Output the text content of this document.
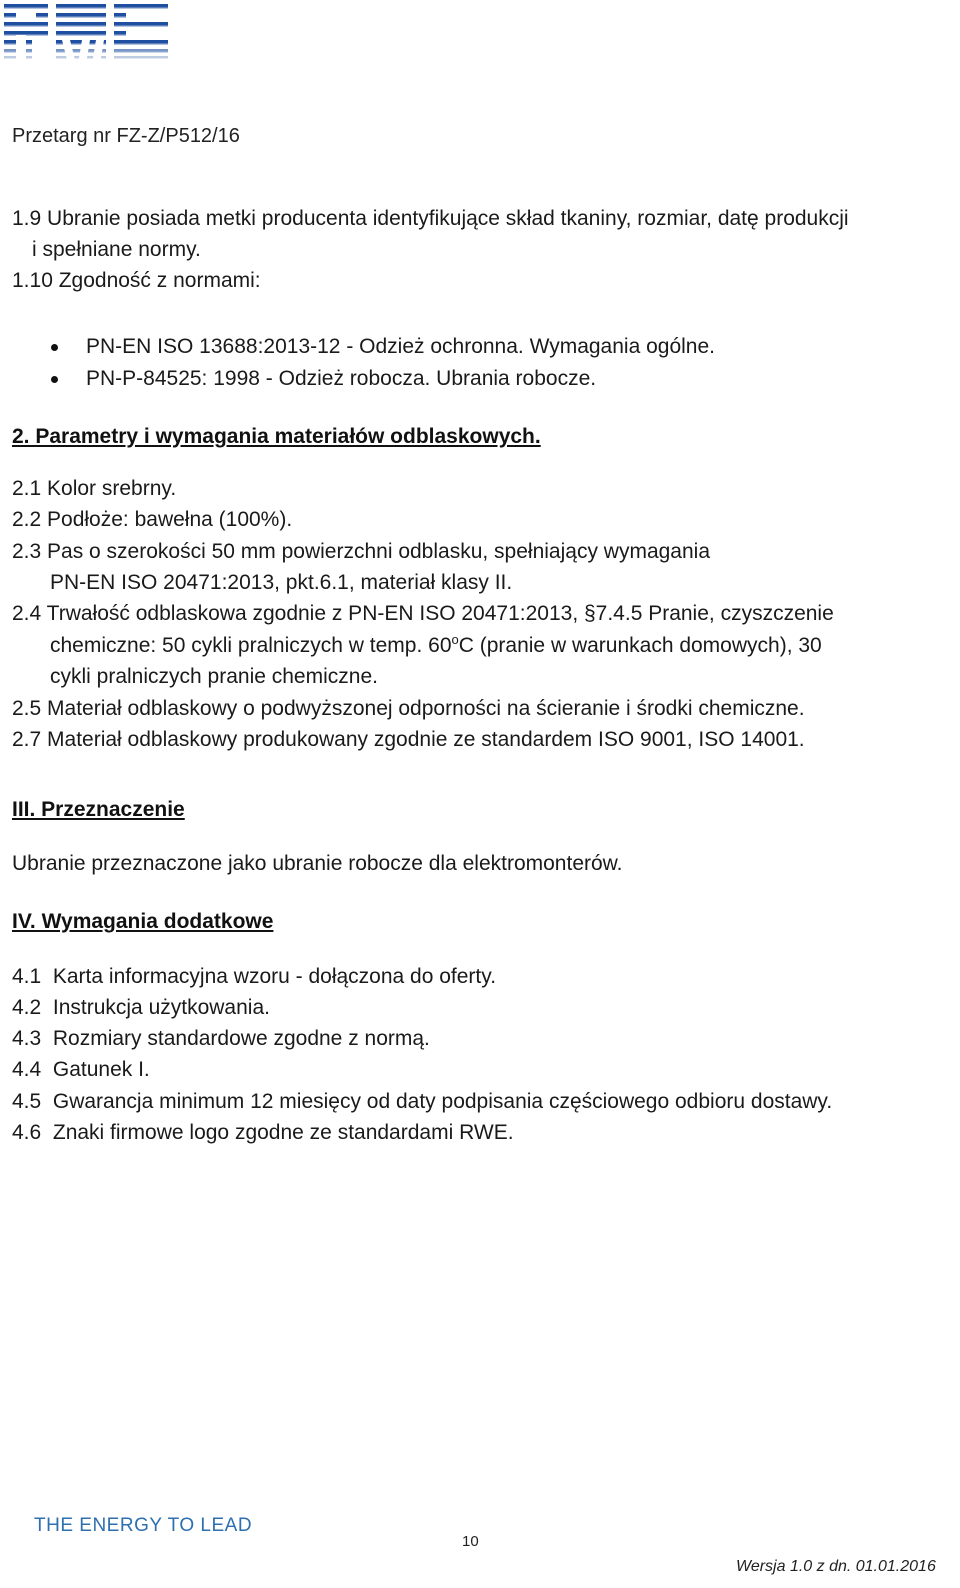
Przetarg nr FZ-Z/P512/16
1.9 Ubranie posiada metki producenta identyfikujące skład tkaniny, rozmiar, datę produkcji
i spełniane normy.
1.10 Zgodność z normami:
PN-EN ISO 13688:2013-12 - Odzież ochronna. Wymagania ogólne.
PN-P-84525: 1998 - Odzież robocza. Ubrania robocze.
2. Parametry i wymagania materiałów odblaskowych.
2.1 Kolor srebrny.
2.2 Podłoże: bawełna (100%).
2.3 Pas o szerokości 50 mm powierzchni odblasku, spełniający wymagania
PN-EN ISO 20471:2013, pkt.6.1, materiał klasy II.
2.4 Trwałość odblaskowa zgodnie z PN-EN ISO 20471:2013, §7.4.5 Pranie, czyszczenie
chemiczne: 50 cykli pralniczych w temp. 60$^o$C (pranie w warunkach domowych), 30
cykli pralniczych pranie chemiczne.
2.5 Materiał odblaskowy o podwyższonej odporności na ścieranie i środki chemiczne.
2.7 Materiał odblaskowy produkowany zgodnie ze standardem ISO 9001, ISO 14001.
III. Przeznaczenie
Ubranie przeznaczone jako ubranie robocze dla elektromonterów.
IV. Wymagania dodatkowe
4.1 Karta informacyjna wzoru - dołączona do oferty.
4.2 Instrukcja użytkowania.
4.3 Rozmiary standardowe zgodne z normą.
4.4 Gatunek I.
4.5 Gwarancja minimum 12 miesięcy od daty podpisania częściowego odbioru dostawy.
4.6 Znaki firmowe logo zgodne ze standardami RWE.
THE ENERGY TO LEAD
10
Wersja 1.0 z dn. 01.01.2016
